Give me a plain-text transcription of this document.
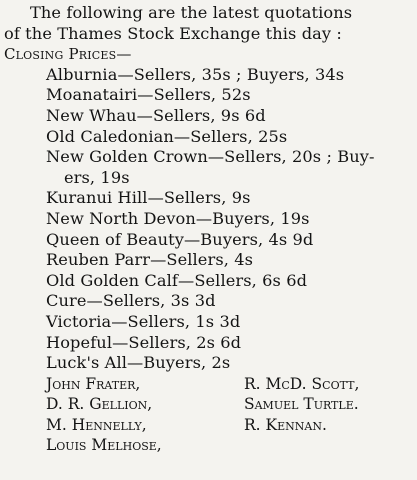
The following are the latest quotations
of the Thames Stock Exchange this day :
Closing Prices—
Alburnia—Sellers, 35s ; Buyers, 34s
Moanatairi—Sellers, 52s
New Whau—Sellers, 9s 6d
Old Caledonian—Sellers, 25s
New Golden Crown—Sellers, 20s ; Buy-
ers, 19s
Kuranui Hill—Sellers, 9s
New North Devon—Buyers, 19s
Queen of Beauty—Buyers, 4s 9d
Reuben Parr—Sellers, 4s
Old Golden Calf—Sellers, 6s 6d
Cure—Sellers, 3s 3d
Victoria—Sellers, 1s 3d
Hopeful—Sellers, 2s 6d
Luck's All—Buyers, 2s
John Frater,	R. McD. Scott,
D. R. Gellion,	Samuel Turtle.
M. Hennelly,	R. Kennan.
Louis Melhose,
